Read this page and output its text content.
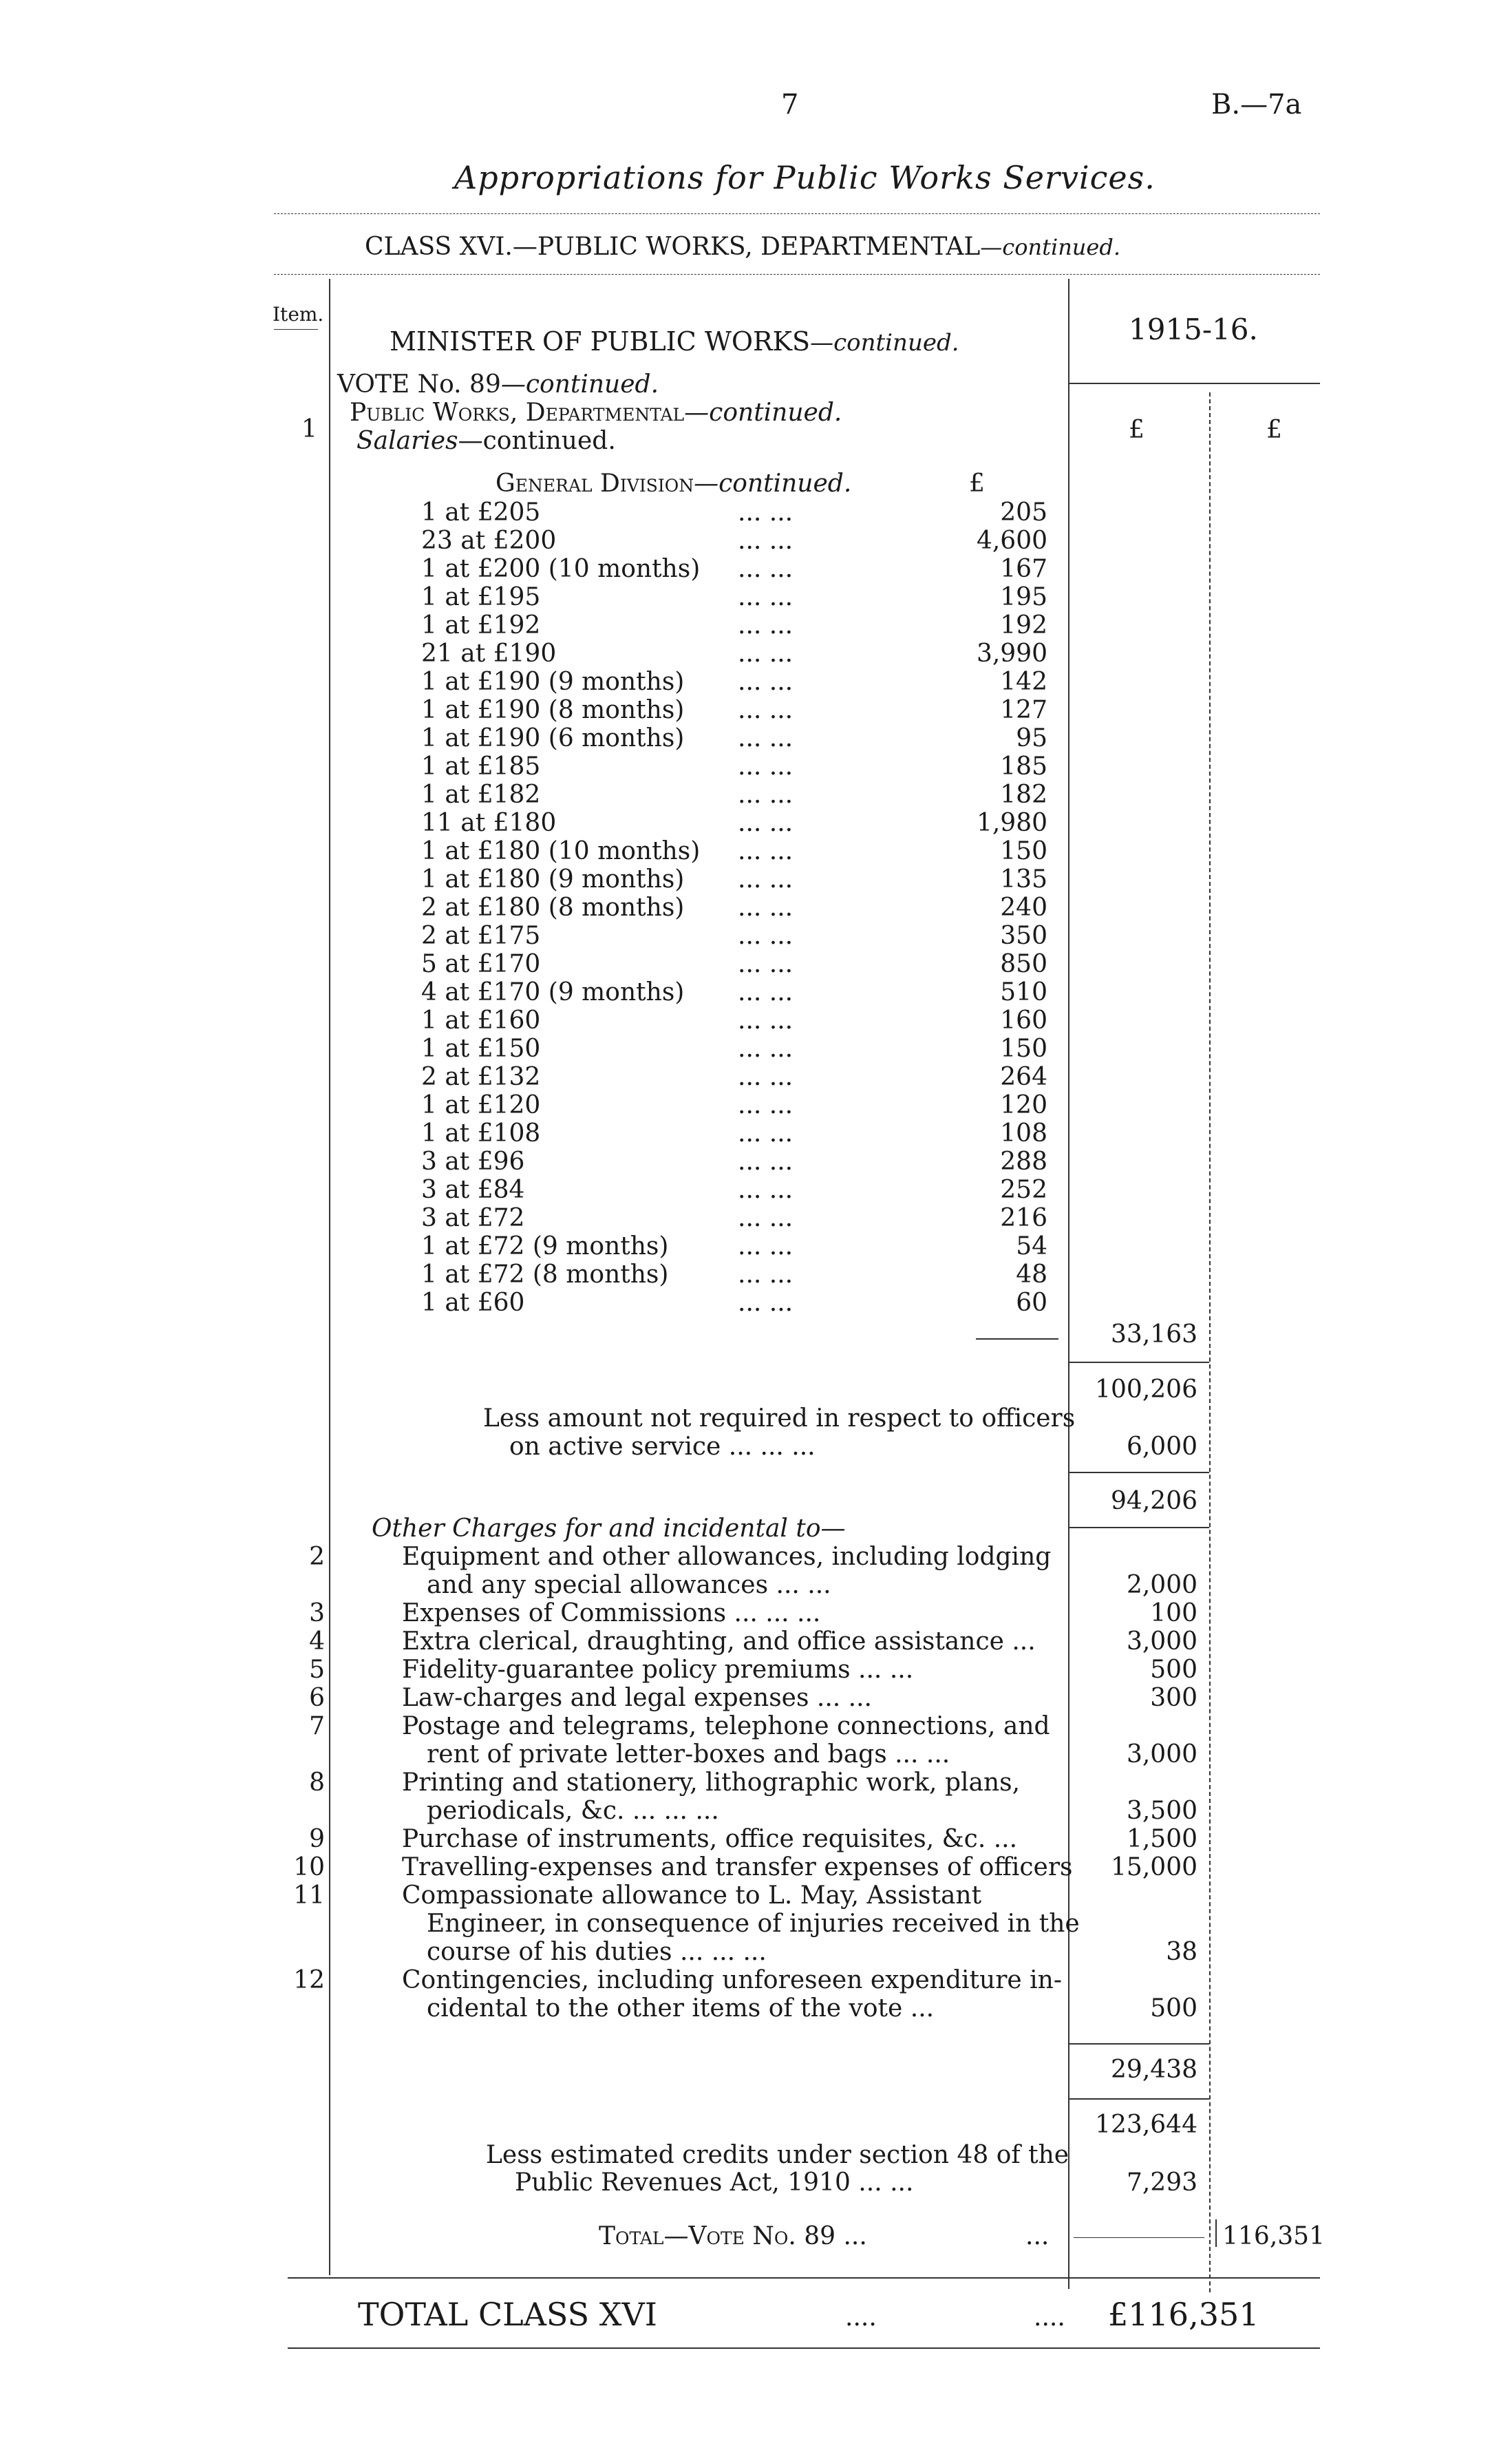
7	B.—7a
Appropriations for Public Works Services.
CLASS XVI.—PUBLIC WORKS, DEPARTMENTAL—continued.
Item.
MINISTER OF PUBLIC WORKS—continued.	1915-16.
VOTE No. 89—continued.
Public Works, Departmental—continued.
Salaries—continued.
1	£	£
General Division—continued.	£
1 at £205	... ...	205
23 at £200	... ...	4,600
1 at £200 (10 months) ... ...	167
1 at £195	... ...	195
1 at £192	... ...	192
21 at £190	... ...	3,990
1 at £190 (9 months) ... ...	142
1 at £190 (8 months) ... ...	127
1 at £190 (6 months) ... ...	95
1 at £185	... ...	185
1 at £182	... ...	182
11 at £180	... ...	1,980
1 at £180 (10 months) ... ...	150
1 at £180 (9 months) ... ...	135
2 at £180 (8 months) ... ...	240
2 at £175	... ...	350
5 at £170	... ...	850
4 at £170 (9 months) ... ...	510
1 at £160	... ...	160
1 at £150	... ...	150
2 at £132	... ...	264
1 at £120	... ...	120
1 at £108	... ...	108
3 at £96	... ...	288
3 at £84	... ...	252
3 at £72	... ...	216
1 at £72 (9 months)	... ...	54
1 at £72 (8 months)	... ...	48
1 at £60	... ...	60
33,163
100,206
Less amount not required in respect to officers
on active service ... ... ...	6,000
94,206
Other Charges for and incidental to—
2	Equipment and other allowances, including lodging
and any special allowances ... ...	2,000
3	Expenses of Commissions ... ... ...	100
4	Extra clerical, draughting, and office assistance ...	3,000
5	Fidelity-guarantee policy premiums ... ...	500
6	Law-charges and legal expenses ... ...	300
7	Postage and telegrams, telephone connections, and
rent of private letter-boxes and bags ... ...	3,000
8	Printing and stationery, lithographic work, plans,
periodicals, &c. ... ... ...	3,500
9	Purchase of instruments, office requisites, &c. ...	1,500
10	Travelling-expenses and transfer expenses of officers	15,000
11	Compassionate allowance to L. May, Assistant
Engineer, in consequence of injuries received in the
course of his duties ... ... ...	38
12	Contingencies, including unforeseen expenditure in-
cidental to the other items of the vote ...	500
29,438
123,644
Less estimated credits under section 48 of the
Public Revenues Act, 1910 ... ...	7,293
Total—Vote No. 89 ...	...	116,351
TOTAL CLASS XVI	....	.... £116,351
